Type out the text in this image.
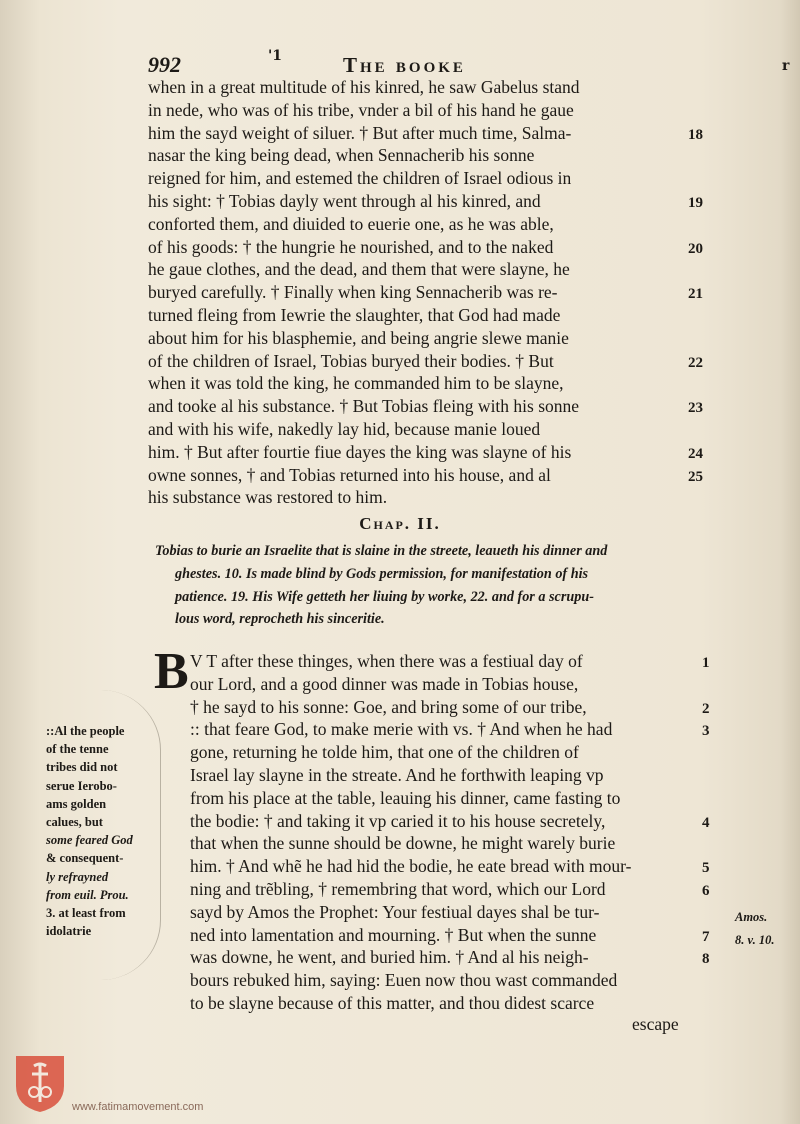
992	'1	The booke	r
when in a great multitude of his kinred, he saw Gabelus stand
in nede, who was of his tribe, vnder a bil of his hand he gaue
him the sayd weight of siluer. † But after much time, Salma-
nasar the king being dead, when Sennacherib his sonne
reigned for him, and estemed the children of Israel odious in
his sight: † Tobias dayly went through al his kinred, and
conforted them, and diuided to euerie one, as he was able,
of his goods: † the hungrie he nourished, and to the naked
he gaue clothes, and the dead, and them that were slayne, he
buryed carefully. † Finally when king Sennacherib was re-
turned fleing from Iewrie the slaughter, that God had made
about him for his blasphemie, and being angrie slewe manie
of the children of Israel, Tobias buryed their bodies. † But
when it was told the king, he commanded him to be slayne,
and tooke al his substance. † But Tobias fleing with his sonne
and with his wife, nakedly lay hid, because manie loued
him. † But after fourtie fiue dayes the king was slayne of his
owne sonnes, † and Tobias returned into his house, and al
his substance was restored to him.
18
19
20
21
22
23
24
25
Chap. II.
Tobias to burie an Israelite that is slaine in the streete, leaueth his dinner and
ghestes. 10. Is made blind by Gods permission, for manifestation of his
patience. 19. His Wife getteth her liuing by worke, 22. and for a scrupu-
lous word, reprocheth his sinceritie.
B V T after these thinges, when there was a festiual day of
our Lord, and a good dinner was made in Tobias house,
† he sayd to his sonne: Goe, and bring some of our tribe,
:: that feare God, to make merie with vs. † And when he had
gone, returning he tolde him, that one of the children of
Israel lay slayne in the streate. And he forthwith leaping vp
from his place at the table, leauing his dinner, came fasting to
the bodie: † and taking it vp caried it to his house secretely,
that when the sunne should be downe, he might warely burie
him. † And whẽ he had hid the bodie, he eate bread with mour-
ning and trẽbling, † remembring that word, which our Lord
sayd by Amos the Prophet: Your festiual dayes shal be tur-
ned into lamentation and mourning. † But when the sunne
was downe, he went, and buried him. † And al his neigh-
bours rebuked him, saying: Euen now thou wast commanded
to be slayne because of this matter, and thou didest scarce
1
2
3
4
5
6
7
8
::Al the people
of the tenne
tribes did not
serue Ierobo-
ams golden
calues, but
some feared God
& consequent-
ly refrayned
from euil. Prou.
3. at least from
idolatrie
Amos.
8. v. 10.
escape
www.fatimamovement.com
